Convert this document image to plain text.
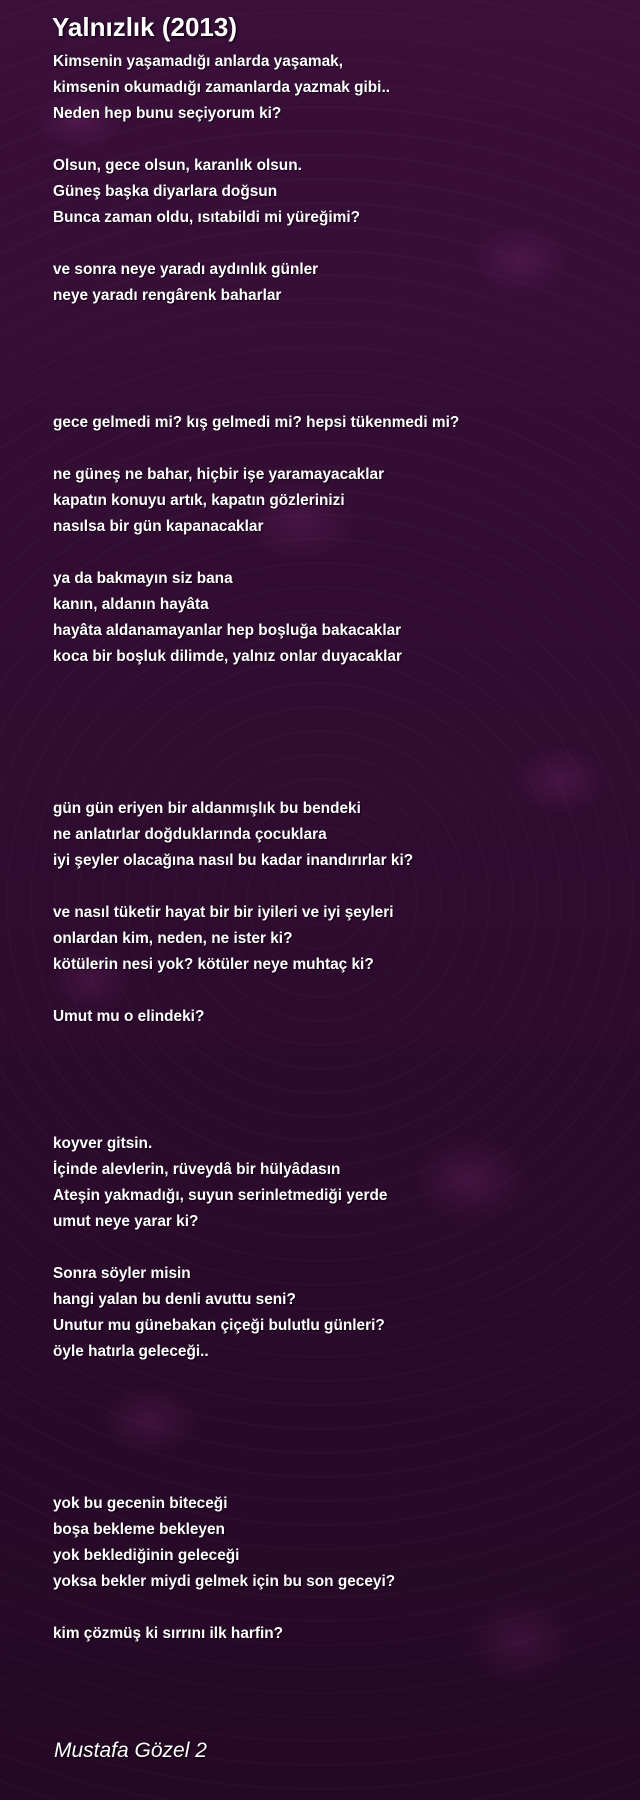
Yalnızlık (2013)
Kimsenin yaşamadığı anlarda yaşamak,
kimsenin okumadığı zamanlarda yazmak gibi..
Neden hep bunu seçiyorum ki?
Olsun, gece olsun, karanlık olsun.
Güneş başka diyarlara doğsun
Bunca zaman oldu, ısıtabildi mi yüreğimi?
ve sonra neye yaradı aydınlık günler
neye yaradı rengârenk baharlar
gece gelmedi mi? kış gelmedi mi? hepsi tükenmedi mi?
ne güneş ne bahar, hiçbir işe yaramayacaklar
kapatın konuyu artık, kapatın gözlerinizi
nasılsa bir gün kapanacaklar
ya da bakmayın siz bana
kanın, aldanın hayâta
hayâta aldanamayanlar hep boşluğa bakacaklar
koca bir boşluk dilimde, yalnız onlar duyacaklar
gün gün eriyen bir aldanmışlık bu bendeki
ne anlatırlar doğduklarında çocuklara
iyi şeyler olacağına nasıl bu kadar inandırırlar ki?
ve nasıl tüketir hayat bir bir iyileri ve iyi şeyleri
onlardan kim, neden, ne ister ki?
kötülerin nesi yok? kötüler neye muhtaç ki?
Umut mu o elindeki?
koyver gitsin.
İçinde alevlerin, rüveydâ bir hülyâdasın
Ateşin yakmadığı, suyun serinletmediği yerde
umut neye yarar ki?
Sonra söyler misin
hangi yalan bu denli avuttu seni?
Unutur mu günebakan çiçeği bulutlu günleri?
öyle hatırla geleceği..
yok bu gecenin biteceği
boşa bekleme bekleyen
yok beklediğinin geleceği
yoksa bekler miydi gelmek için bu son geceyi?
kim çözmüş ki sırrını ilk harfin?
Mustafa Gözel 2
